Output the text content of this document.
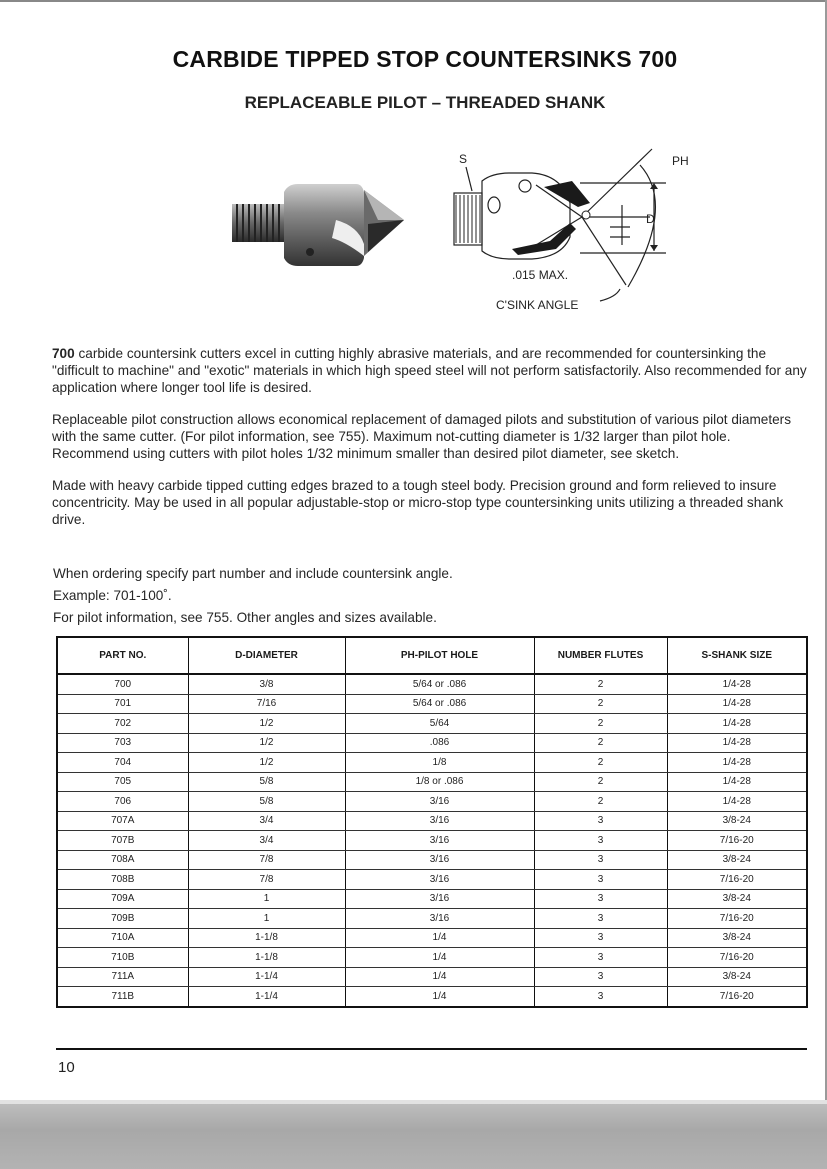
CARBIDE TIPPED STOP COUNTERSINKS 700
REPLACEABLE PILOT – THREADED SHANK
S	PH
D
.015 MAX.
C'SINK ANGLE

700 carbide countersink cutters excel in cutting highly abrasive materials, and are recommended for countersinking the "difficult to machine" and "exotic" materials in which high speed steel will not perform satisfactorily. Also recommended for any application where longer tool life is desired.

Replaceable pilot construction allows economical replacement of damaged pilots and substitution of various pilot diameters with the same cutter. (For pilot information, see 755). Maximum not-cutting diameter is 1/32 larger than pilot hole. Recommend using cutters with pilot holes 1/32 minimum smaller than desired pilot diameter, see sketch.

Made with heavy carbide tipped cutting edges brazed to a tough steel body. Precision ground and form relieved to insure concentricity. May be used in all popular adjustable-stop or micro-stop type countersinking units utilizing a threaded shank drive.

When ordering specify part number and include countersink angle.
Example: 701-100˚.
For pilot information, see 755. Other angles and sizes available.
PART NO.	D-DIAMETER	PH-PILOT HOLE	NUMBER FLUTES	S-SHANK SIZE
700	3/8	5/64 or .086	2	1/4-28
701	7/16	5/64 or .086	2	1/4-28
702	1/2	5/64	2	1/4-28
703	1/2	.086	2	1/4-28
704	1/2	1/8	2	1/4-28
705	5/8	1/8 or .086	2	1/4-28
706	5/8	3/16	2	1/4-28
707A	3/4	3/16	3	3/8-24
707B	3/4	3/16	3	7/16-20
708A	7/8	3/16	3	3/8-24
708B	7/8	3/16	3	7/16-20
709A	1	3/16	3	3/8-24
709B	1	3/16	3	7/16-20
710A	1-1/8	1/4	3	3/8-24
710B	1-1/8	1/4	3	7/16-20
711A	1-1/4	1/4	3	3/8-24
711B	1-1/4	1/4	3	7/16-20
10
